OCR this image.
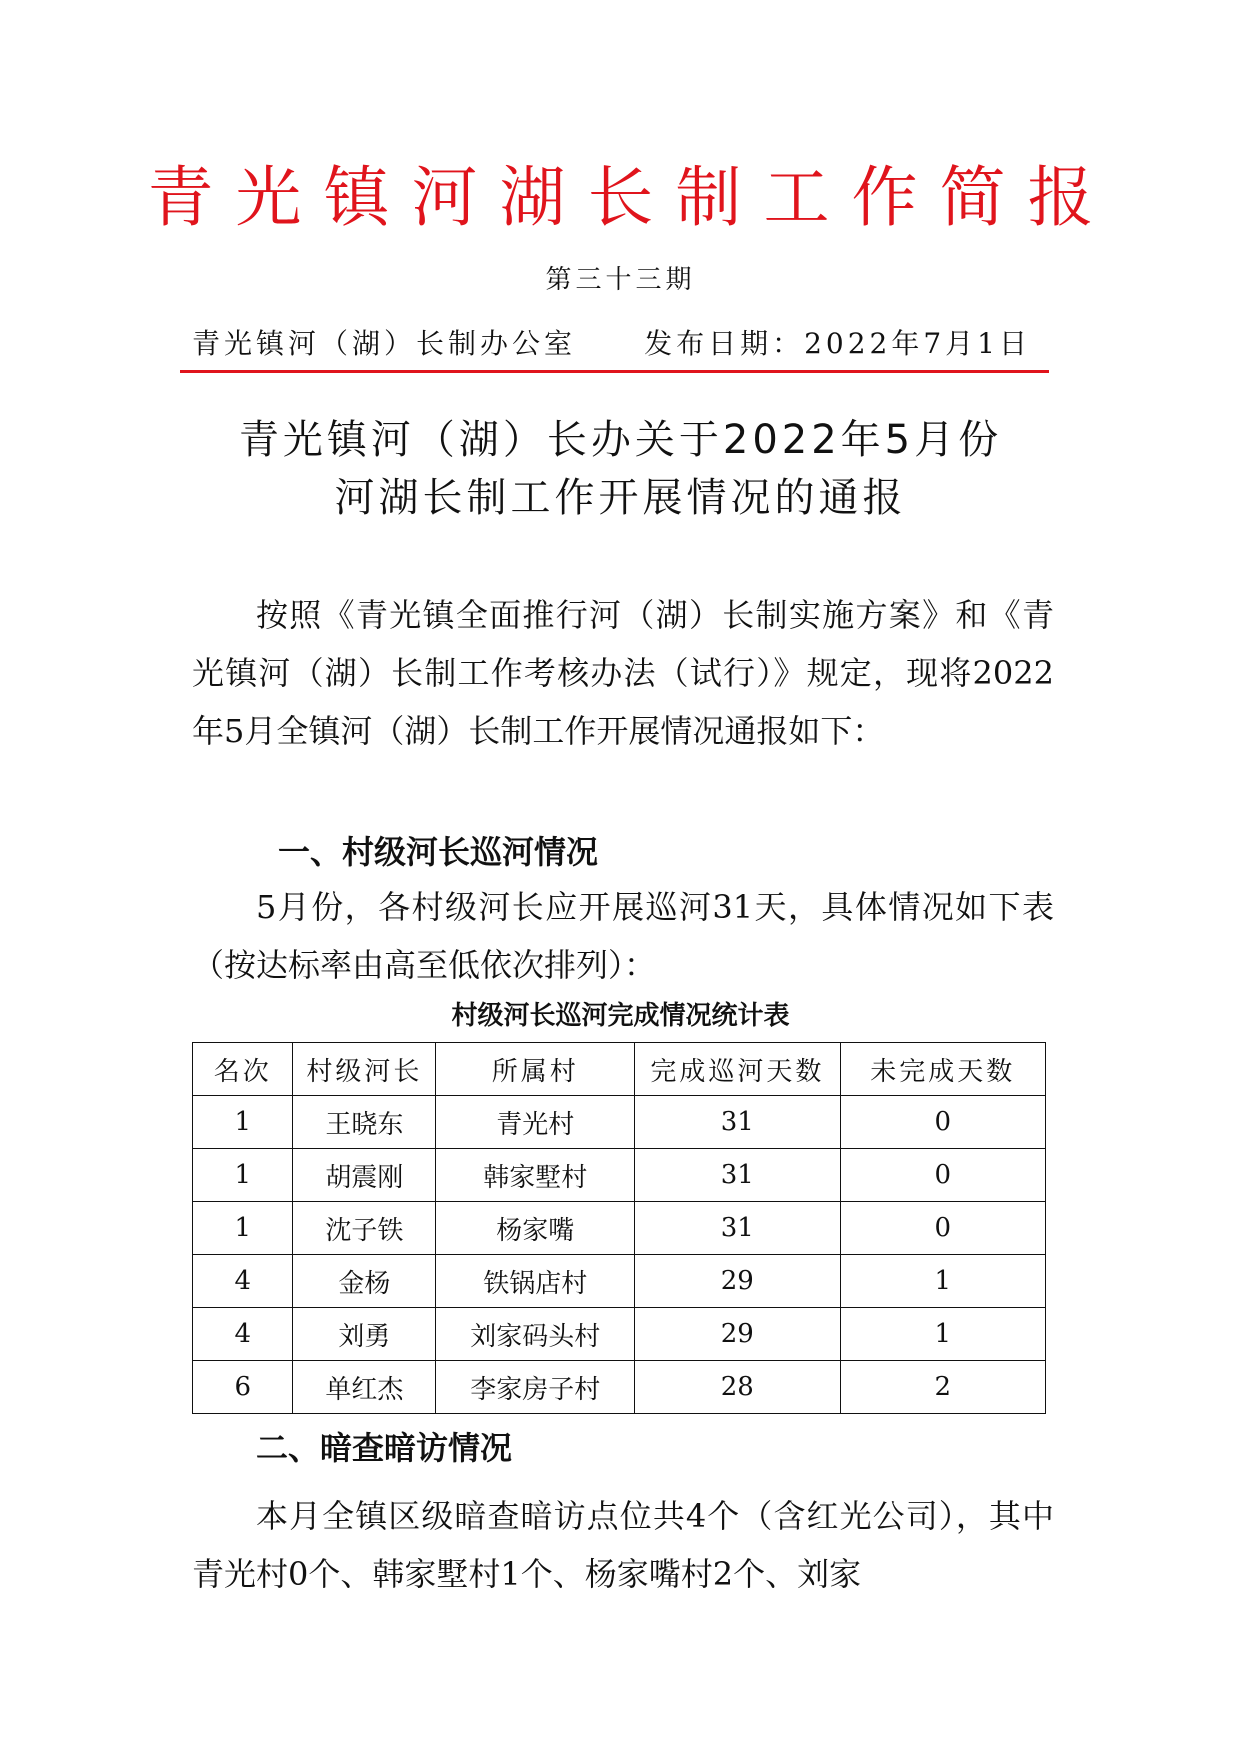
青光镇河湖长制工作简报
第三十三期
青光镇河（湖）长制办公室 发布日期：2022年7月1日
青光镇河（湖）长办关于2022年5月份
河湖长制工作开展情况的通报
按照《青光镇全面推行河（湖）长制实施方案》和《青光镇河（湖）长制工作考核办法（试行）》规定，现将2022年5月全镇河（湖）长制工作开展情况通报如下：
一、村级河长巡河情况
5月份，各村级河长应开展巡河31天，具体情况如下表（按达标率由高至低依次排列）：
村级河长巡河完成情况统计表
名次	村级河长	所属村	完成巡河天数	未完成天数
1	王晓东	青光村	31	0
1	胡震刚	韩家墅村	31	0
1	沈子铁	杨家嘴	31	0
4	金杨	铁锅店村	29	1
4	刘勇	刘家码头村	29	1
6	单红杰	李家房子村	28	2
二、暗查暗访情况
本月全镇区级暗查暗访点位共4个（含红光公司），其中青光村0个、韩家墅村1个、杨家嘴村2个、刘家
